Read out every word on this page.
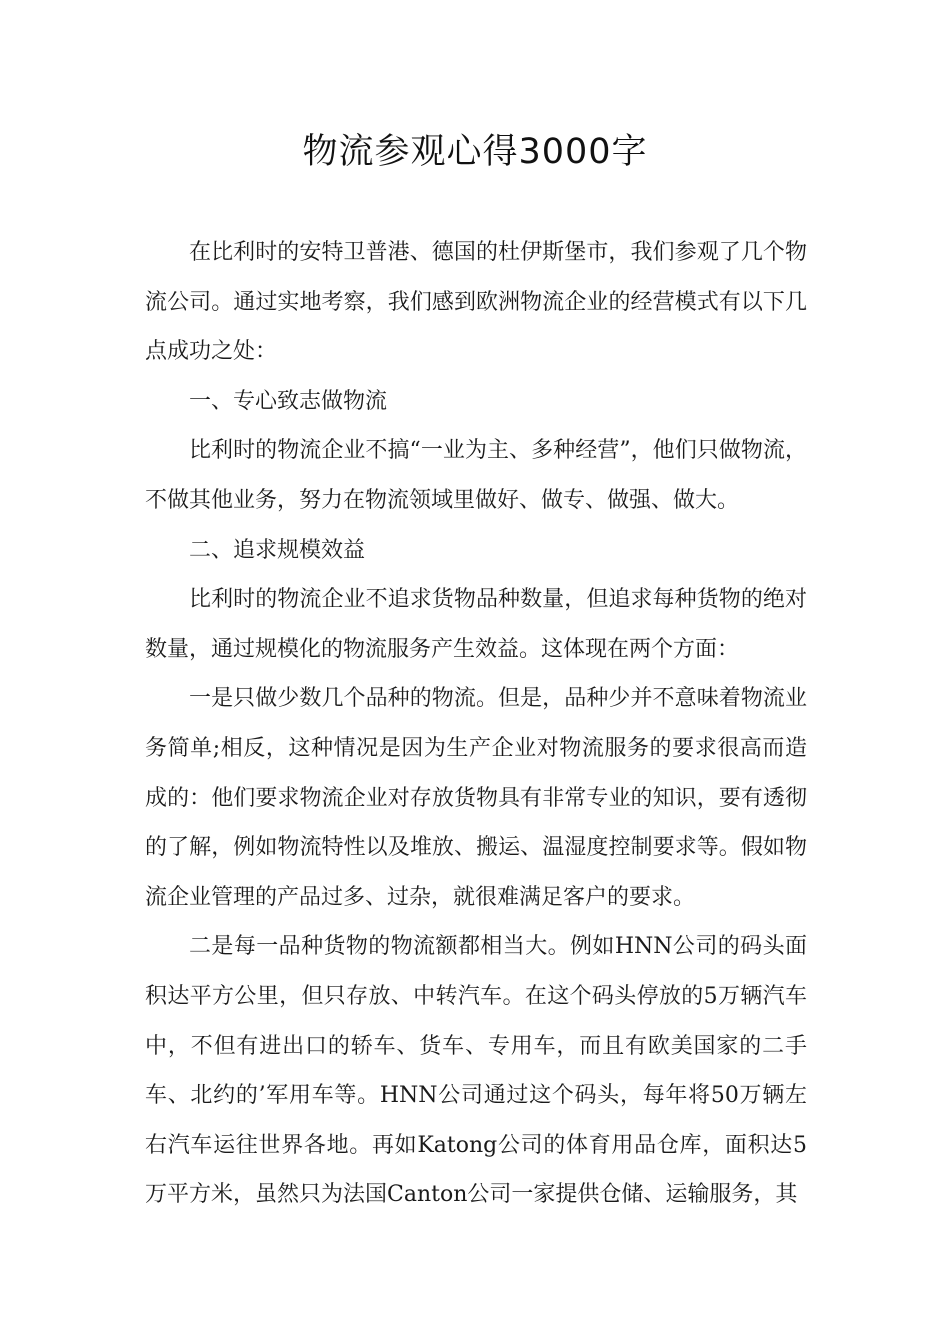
物流参观心得3000字

在比利时的安特卫普港、德国的杜伊斯堡市，我们参观了几个物流公司。通过实地考察，我们感到欧洲物流企业的经营模式有以下几点成功之处：

一、专心致志做物流

比利时的物流企业不搞“一业为主、多种经营”，他们只做物流，不做其他业务，努力在物流领域里做好、做专、做强、做大。

二、追求规模效益

比利时的物流企业不追求货物品种数量，但追求每种货物的绝对数量，通过规模化的物流服务产生效益。这体现在两个方面：

一是只做少数几个品种的物流。但是，品种少并不意味着物流业务简单;相反，这种情况是因为生产企业对物流服务的要求很高而造成的：他们要求物流企业对存放货物具有非常专业的知识，要有透彻的了解，例如物流特性以及堆放、搬运、温湿度控制要求等。假如物流企业管理的产品过多、过杂，就很难满足客户的要求。

二是每一品种货物的物流额都相当大。例如HNN公司的码头面积达平方公里，但只存放、中转汽车。在这个码头停放的5万辆汽车中，不但有进出口的轿车、货车、专用车，而且有欧美国家的二手车、北约的’军用车等。HNN公司通过这个码头，每年将50万辆左右汽车运往世界各地。再如Katong公司的体育用品仓库，面积达5万平方米，虽然只为法国Canton公司一家提供仓储、运输服务，其
